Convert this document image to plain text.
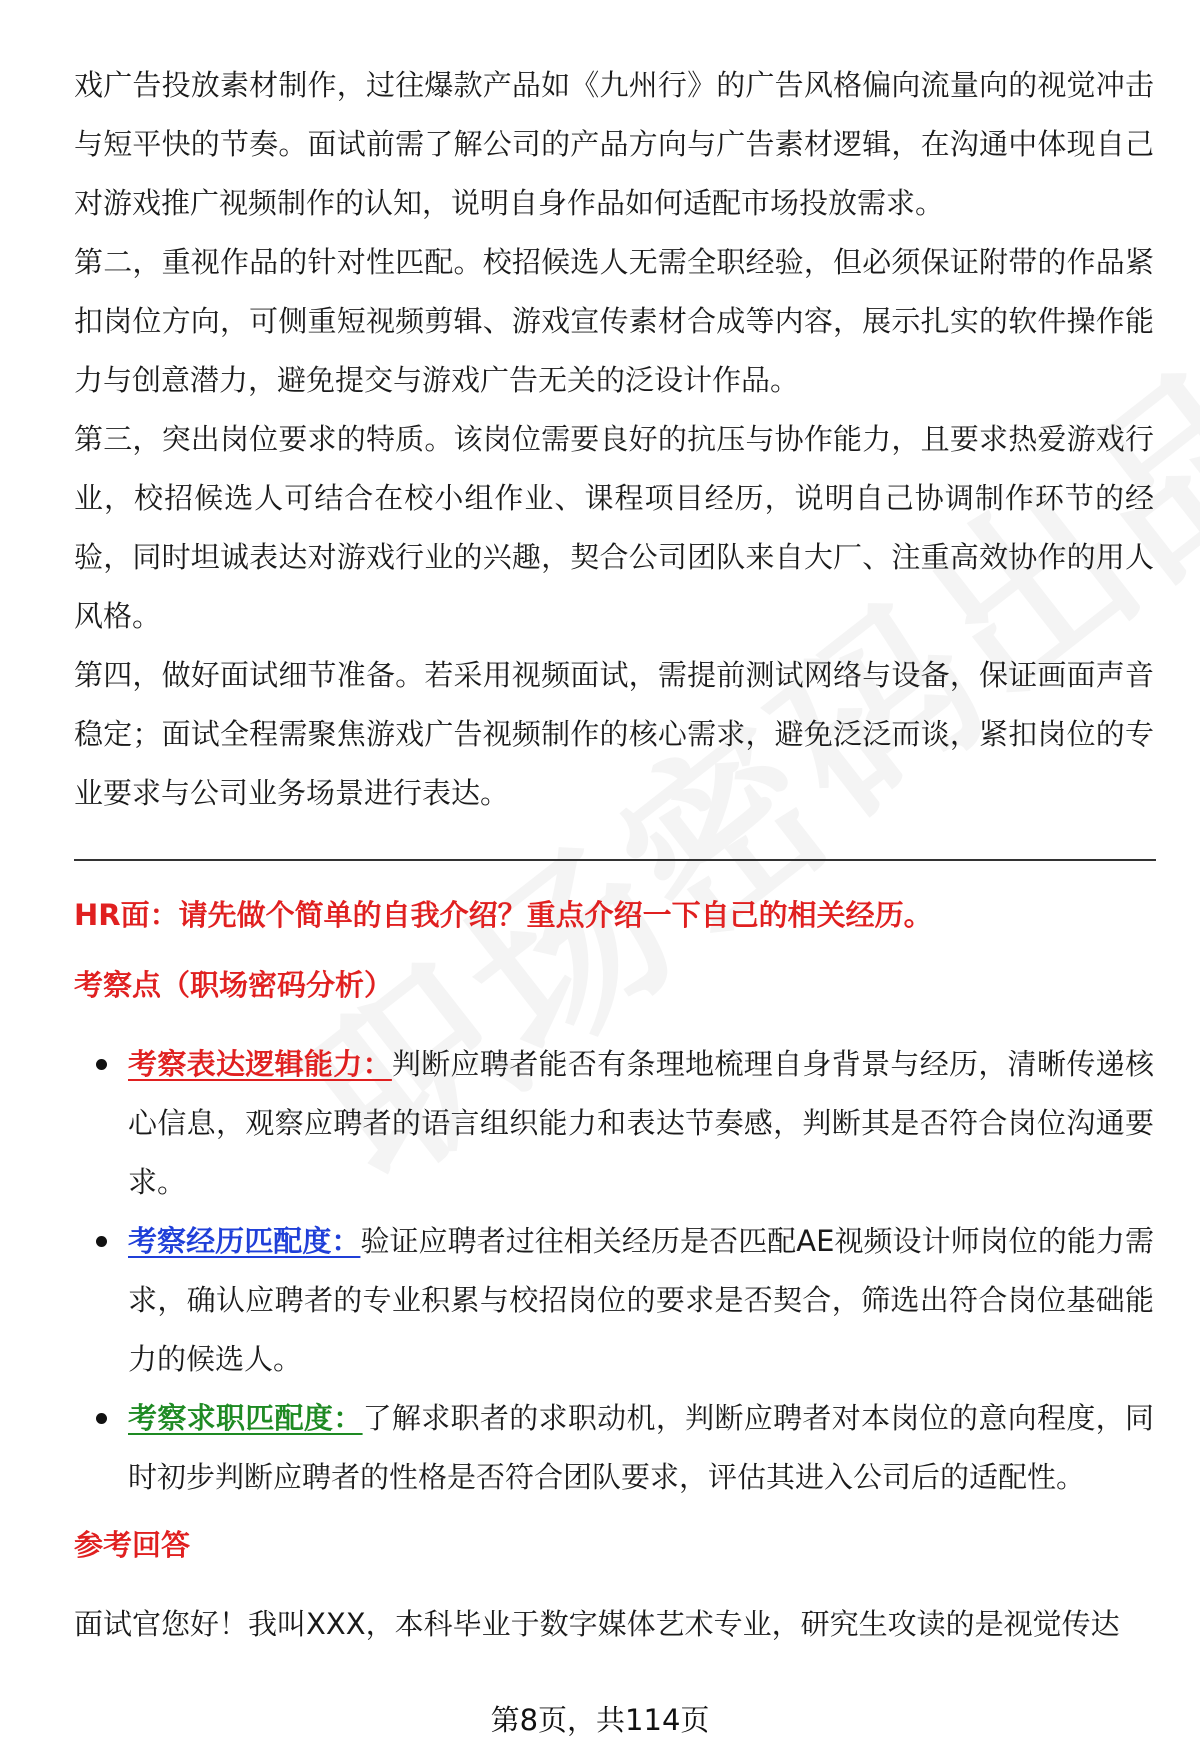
戏广告投放素材制作，过往爆款产品如《九州行》的广告风格偏向流量向的视觉冲击与短平快的节奏。面试前需了解公司的产品方向与广告素材逻辑，在沟通中体现自己对游戏推广视频制作的认知，说明自身作品如何适配市场投放需求。

第二，重视作品的针对性匹配。校招候选人无需全职经验，但必须保证附带的作品紧扣岗位方向，可侧重短视频剪辑、游戏宣传素材合成等内容，展示扎实的软件操作能力与创意潜力，避免提交与游戏广告无关的泛设计作品。

第三，突出岗位要求的特质。该岗位需要良好的抗压与协作能力，且要求热爱游戏行业，校招候选人可结合在校小组作业、课程项目经历，说明自己协调制作环节的经验，同时坦诚表达对游戏行业的兴趣，契合公司团队来自大厂、注重高效协作的用人风格。

第四，做好面试细节准备。若采用视频面试，需提前测试网络与设备，保证画面声音稳定；面试全程需聚焦游戏广告视频制作的核心需求，避免泛泛而谈，紧扣岗位的专业要求与公司业务场景进行表达。

HR面：请先做个简单的自我介绍？重点介绍一下自己的相关经历。
考察点（职场密码分析）
考察表达逻辑能力：判断应聘者能否有条理地梳理自身背景与经历，清晰传递核心信息，观察应聘者的语言组织能力和表达节奏感，判断其是否符合岗位沟通要求。
考察经历匹配度：验证应聘者过往相关经历是否匹配AE视频设计师岗位的能力需求，确认应聘者的专业积累与校招岗位的要求是否契合，筛选出符合岗位基础能力的候选人。
考察求职匹配度：了解求职者的求职动机，判断应聘者对本岗位的意向程度，同时初步判断应聘者的性格是否符合团队要求，评估其进入公司后的适配性。
参考回答

面试官您好！我叫XXX，本科毕业于数字媒体艺术专业，研究生攻读的是视觉传达

第8页，共114页
